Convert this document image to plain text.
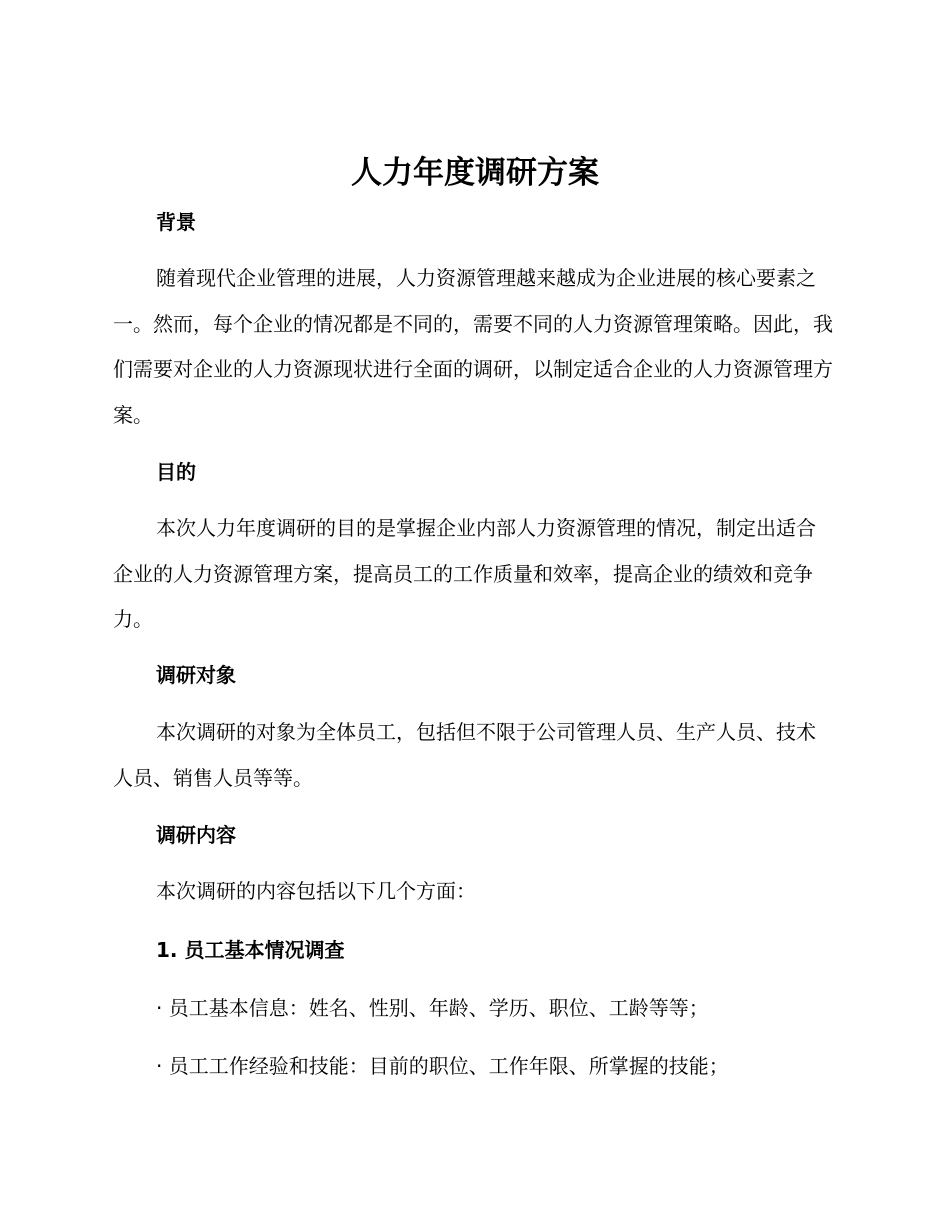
人力年度调研方案
背景

随着现代企业管理的进展，人力资源管理越来越成为企业进展的核心要素之一。然而，每个企业的情况都是不同的，需要不同的人力资源管理策略。因此，我们需要对企业的人力资源现状进行全面的调研，以制定适合企业的人力资源管理方案。

目的

本次人力年度调研的目的是掌握企业内部人力资源管理的情况，制定出适合企业的人力资源管理方案，提高员工的工作质量和效率，提高企业的绩效和竞争力。

调研对象

本次调研的对象为全体员工，包括但不限于公司管理人员、生产人员、技术人员、销售人员等等。

调研内容

本次调研的内容包括以下几个方面：

1. 员工基本情况调查

· 员工基本信息：姓名、性别、年龄、学历、职位、工龄等等；

· 员工工作经验和技能：目前的职位、工作年限、所掌握的技能；
